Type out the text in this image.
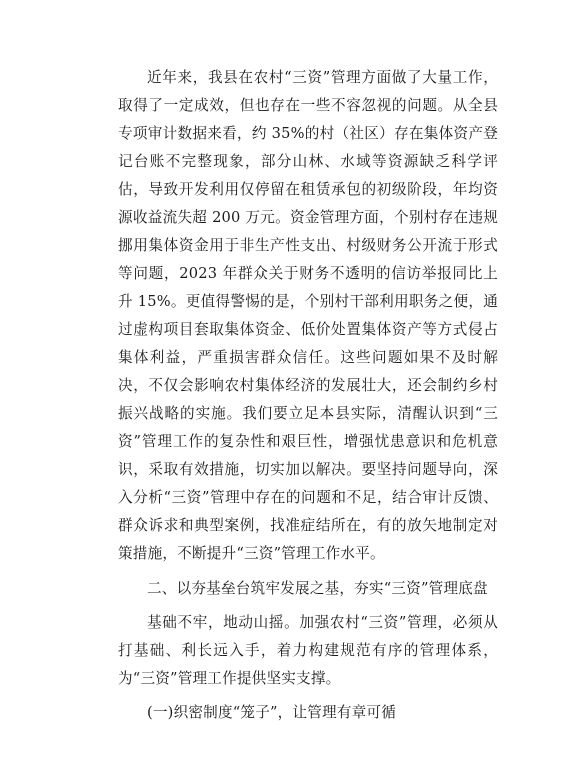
近年来，我县在农村“三资”管理方面做了大量工作，取得了一定成效，但也存在一些不容忽视的问题。从全县专项审计数据来看，约 35%的村（社区）存在集体资产登记台账不完整现象，部分山林、水域等资源缺乏科学评估，导致开发利用仅停留在租赁承包的初级阶段，年均资源收益流失超 200 万元。资金管理方面，个别村存在违规挪用集体资金用于非生产性支出、村级财务公开流于形式等问题，2023 年群众关于财务不透明的信访举报同比上升 15%。更值得警惕的是，个别村干部利用职务之便，通过虚构项目套取集体资金、低价处置集体资产等方式侵占集体利益，严重损害群众信任。这些问题如果不及时解决，不仅会影响农村集体经济的发展壮大，还会制约乡村振兴战略的实施。我们要立足本县实际，清醒认识到“三资”管理工作的复杂性和艰巨性，增强忧患意识和危机意识，采取有效措施，切实加以解决。要坚持问题导向，深入分析“三资”管理中存在的问题和不足，结合审计反馈、群众诉求和典型案例，找准症结所在，有的放矢地制定对策措施，不断提升“三资”管理工作水平。

二、以夯基垒台筑牢发展之基，夯实“三资”管理底盘

基础不牢，地动山摇。加强农村“三资”管理，必须从打基础、利长远入手，着力构建规范有序的管理体系，为“三资”管理工作提供坚实支撑。

(一)织密制度“笼子”，让管理有章可循
